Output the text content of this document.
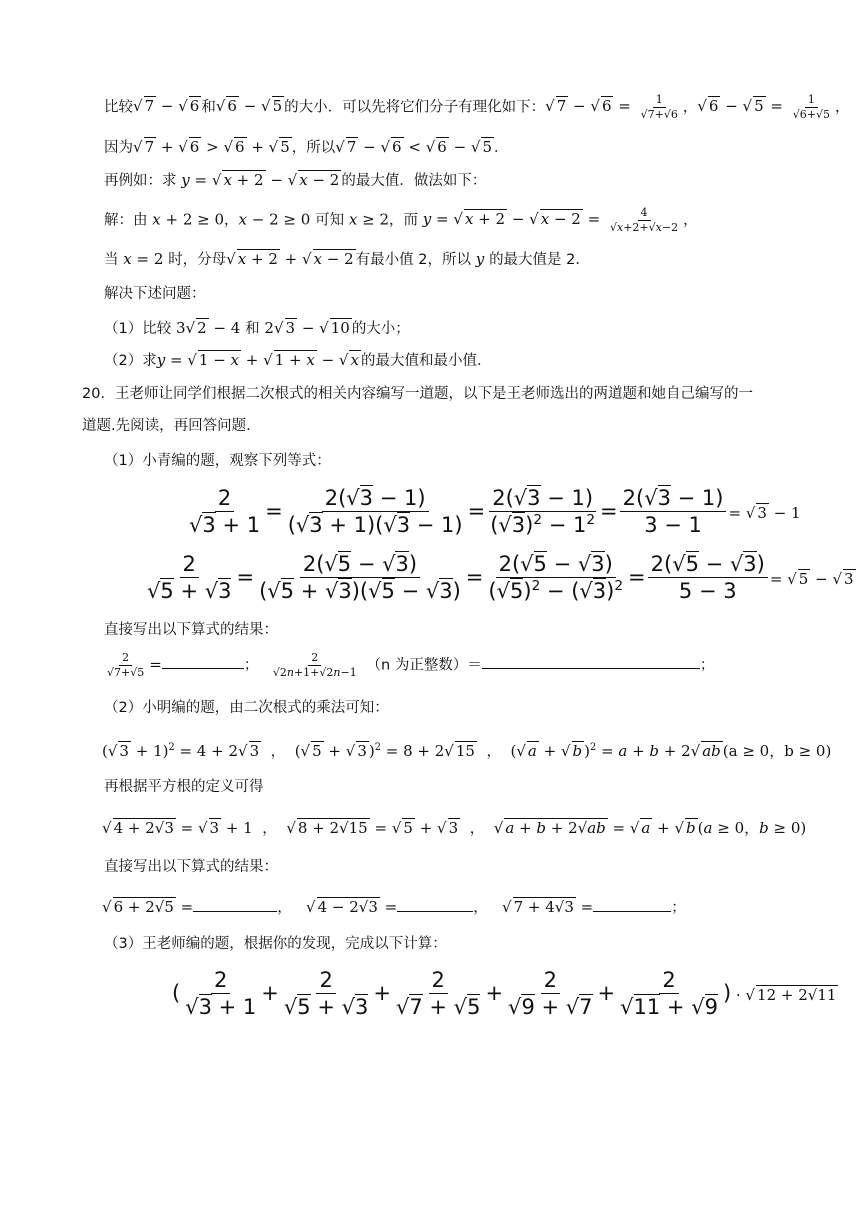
比较√ 7 − √ 6 和√ 6 − √ 5 的大小．可以先将它们分子有理化如下：√ 7 − √ $6 = \frac{1}{√7+√6}$ ，√ 6 − √ $5 = \frac{1}{√6+√5}$ ，
因为√ 7 + √ 6 > √ 6 + √ 5 ，所以√ 7 − √ 6 < √ 6 − √ 5 ．
再例如：求 y = √ x + 2 − √ x − 2 的最大值．做法如下：
解：由 x + 2 ≥ 0，x − 2 ≥ 0 可知 x ≥ 2，而 y = √ x + 2 − √ $x - 2 = \frac{4}{√x+2+√x-2}$ ，
当 x = 2 时，分母√ x + 2 + √ x − 2 有最小值 2，所以 y 的最大值是 2．
解决下述问题：
（1）比较 3√ 2 − 4 和 2√ 3 − √ 10 的大小；
（2）求y = √ 1 − x + √ 1 + x − √ x 的最大值和最小值．
20．王老师让同学们根据二次根式的相关内容编写一道题，以下是王老师选出的两道题和她自己编写的一
道题.先阅读，再回答问题.
（1）小青编的题，观察下列等式：
$\frac{2}{√3 + 1} = \frac{2(√3 - 1)}{(√3 + 1)(√3 - 1)} = \frac{2(√3 - 1)}{(√3)^2 - 1^2} = \frac{2(√3 - 1)}{3 - 1}$ = √ 3 − 1
$\frac{2}{√5 + √3} = \frac{2(√5 - √3)}{(√5 + √3)(√5 - √3)} = \frac{2(√5 - √3)}{(√5)^2 - (√3)^2} = \frac{2(√5 - √3)}{5 - 3}$ = √ 5 − √ 3
直接写出以下算式的结果：
$\frac{2}{√7+√5}$ =	； $\frac{2}{√2n+1+√2n-1} (n$ 为正整数）＝	；
（2）小明编的题，由二次根式的乘法可知：
(√ 3 + 1)$^2$ = 4 + 2√ 3 ，  (√ 5 + √ 3 )$^2$ = 8 + 2√ 15 ，  (√ a + √ b )$^2$ = a + b + 2√ ab (a ≥ 0，b ≥ 0)
再根据平方根的定义可得
√ 4 + 2√3 = √ 3 + 1  ， √ 8 + 2√15 = √ 5 + √ 3 ， √ a + b + 2√ab = √ a + √ b (a ≥ 0，b ≥ 0)
直接写出以下算式的结果：
√ 6 + 2√5 =	， √ 4 − 2√3 =	， √ 7 + 4√3 =	；
（3）王老师编的题，根据你的发现，完成以下计算：
( $\frac{2}{√3 + 1} + \frac{2}{√5 + √3} + \frac{2}{√7 + √5} + \frac{2}{√9 + √7} + \frac{2}{√11 + √9}$ ) · √ 12 + 2√11
